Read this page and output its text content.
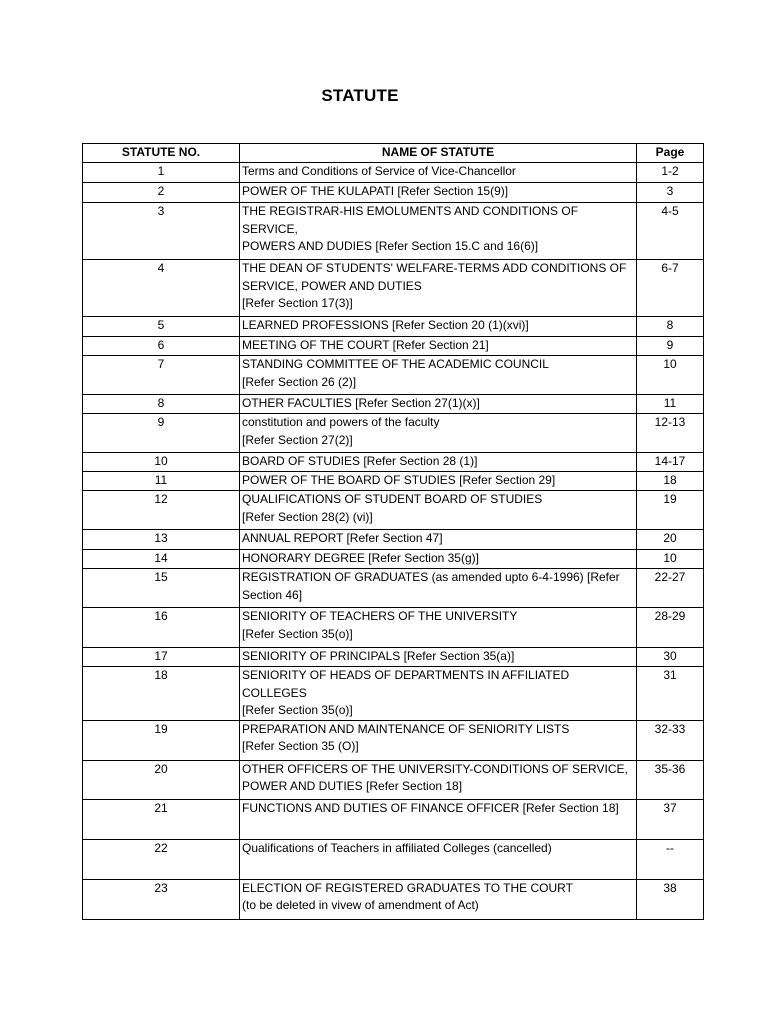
STATUTE
STATUTE NO.	NAME OF STATUTE	Page
1	Terms and Conditions of Service of Vice-Chancellor	1-2
2	POWER OF THE KULAPATI [Refer Section 15(9)]	3
3	THE REGISTRAR-HIS EMOLUMENTS AND CONDITIONS OF SERVICE,
POWERS AND DUDIES [Refer Section 15.C and 16(6)]	4-5
4	THE DEAN OF STUDENTS' WELFARE-TERMS ADD CONDITIONS OF
SERVICE, POWER AND DUTIES
[Refer Section 17(3)]	6-7
5	LEARNED PROFESSIONS [Refer Section 20 (1)(xvi)]	8
6	MEETING OF THE COURT [Refer Section 21]	9
7	STANDING COMMITTEE OF THE ACADEMIC COUNCIL
[Refer Section 26 (2)]	10
8	OTHER FACULTIES [Refer Section 27(1)(x)]	11
9	constitution and powers of the faculty
[Refer Section 27(2)]	12-13
10	BOARD OF STUDIES [Refer Section 28 (1)]	14-17
11	POWER OF THE BOARD OF STUDIES [Refer Section 29]	18
12	QUALIFICATIONS OF STUDENT BOARD OF STUDIES
[Refer Section 28(2) (vi)]	19
13	ANNUAL REPORT [Refer Section 47]	20
14	HONORARY DEGREE [Refer Section 35(g)]	10
15	REGISTRATION OF GRADUATES (as amended upto 6-4-1996) [Refer
Section 46]	22-27
16	SENIORITY OF TEACHERS OF THE UNIVERSITY
[Refer Section 35(o)]	28-29
17	SENIORITY OF PRINCIPALS [Refer Section 35(a)]	30
18	SENIORITY OF HEADS OF DEPARTMENTS IN AFFILIATED COLLEGES
[Refer Section 35(o)]	31
19	PREPARATION AND MAINTENANCE OF SENIORITY LISTS
[Refer Section 35 (O)]	32-33
20	OTHER OFFICERS OF THE UNIVERSITY-CONDITIONS OF SERVICE,
POWER AND DUTIES [Refer Section 18]	35-36
21	FUNCTIONS AND DUTIES OF FINANCE OFFICER [Refer Section 18]	37
22	Qualifications of Teachers in affiliated Colleges (cancelled)	--
23	ELECTION OF REGISTERED GRADUATES TO THE COURT
(to be deleted in vivew of amendment of Act)	38
